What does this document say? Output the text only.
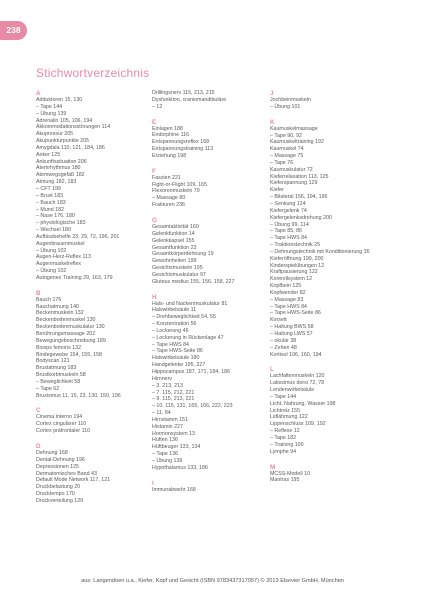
238
Stichwortverzeichnis
A
Adduktoren 15, 130
– Tape 144
– Übung 139
Adrenalin 105, 106, 194
Akkommodationsstörungen 114
Akupressur 205
Akupunkturpunkte 205
Amygdala 110, 121, 184, 186
Anker 125
Ankunftssituation 206
Atemrhythmus 180
Atemwegsgefäß 182
Atmung 182, 183
– CFT 199
– Brust 183
– Bauch 183
– Mund 182
– Nase 176, 180
– physiologische 183
– Wechsel 180
Aufbissbehelfe 23, 29, 72, 196, 201
Augenbrauenmuskel
– Übung 102
Augen-Herz-Reflex 113
Augenmuskelreflex
– Übung 102
Autogenes Training 29, 163, 179
B
Bauch 176
Bauchatmung 140
Beckenmuskeln 132
Beckenbodenmuskel 130
Beckenbodenmuskulatur 130
Berührungsmassage 202
Bewegungsbeschreibung 189
Biceps femoris 132
Bindegewebe 154, 155, 158
Bodyscan 121
Brustatmung 183
Brustkorbmuskeln 58
– Beweglichkeit 58
– Tape 62
Bruxismus 11, 15, 23, 130, 150, 196
C
Cinema interno 194
Cortex cingulärer 110
Cortex präfrontaler 110
D
Dehnung 168
Dental-Dehnung 196
Depressionen 125
Dermatomisches Band 43
Default Mode Network 117, 121
Druckbelastung 20
Drucktempo 170
Druckverteilung 129
Drillingsnerv 115, 213, 215
Dysfunktion, craniomandibuläre
– 12
E
Einlagen 188
Endorphine 116
Entspannungsreflex 168
Entspannungstraining 113
Erziehung 198
F
Faszien 221
Fight-or-Flight 109, 165
Flexorenmuskeln 79
– Massage 80
Frakturen 236
G
Gesamtaktivität 160
Gelenkfunktion 14
Gelenkkapsel 155
Gesamtfunktion 23
Gesamtkörperdehnung 19
Gewohnheiten 199
Gesichtsmuskeln 195
Gesichtsmuskulatur 97
Gluteus medius 155, 156, 158, 227
H
Hals- und Nackenmuskulatur 81
Halswirbelsäule 11
– Drehbeweglichkeit 54, 55
– Konzentration 56
– Lockerung 46
– Lockerung in Rückenlage 47
– Tape HWS 84
– Tape HWS-Seite 86
Halswirbelsäule 180
Handgelenke 195, 227
Hippocampus 187, 171, 184, 186
Hirnnerv
– 3. 213, 213
– 7. 115, 212, 221
– 9. 115, 213, 221
– 10. 115, 131, 165, 166, 222, 223
– 11. 84
Hirnstamm 151
Histamin 227
Hormonsystem 13
Hüften 136
Hüftbeuger 133, 134
– Tape 136
– Übung 139
Hypothalamus 133, 186
I
Immunabwehr 168
J
Jochbeinmuskeln
– Übung 101
K
Kaumuskelmassage
– Tape 90, 92
Kaumuskeltraining 192
Kaumuskel 74
– Massage 75
– Tape 76
Kaumuskulatur 72
Kieferrelaxation 113, 125
Kieferspannung 129
Kiefer
– Bilateral 156, 194, 196
– Senkung 124
Kiefergelenk 74
Kiefergelenksdrehung 200
– Übung 99, 114
– Tape 85, 86
– Tape HWS 84
– Traktionstechnik 25
– Dehnungstechnik mit Konditionierung 36
Kieferöffnung 199, 200
Kinderspielübungen 12
Kraftpausierung 122
Kontrollsystem 12
Kopfbein 125
Kopfwender 82
– Massage 83
– Tape HWS 84
– Tape HWS-Seite 86
Korsett
– Haltung BWS 58
– Haltung LWS 57
– okulär 38
– Zehen 48
Kortisol 106, 160, 194
L
Lachfaltenmuskeln 120
Latissimus dorsi 72, 78
Lendenwirbelsäule
– Tape 144
Licht, Nahrung, Wasser 198
Lichtreiz 155
Lidlähmung 122
Lippenschluss 109, 192
– Reflexe 12
– Tape 182
– Training 100
Lymphe 94
M
MCSS-Modell 10
Mantras 195
aus: Langendoen u.a., Kiefer, Kopf und Gesicht (ISBN 9783437317957) © 2013 Elsevier GmbH, München
